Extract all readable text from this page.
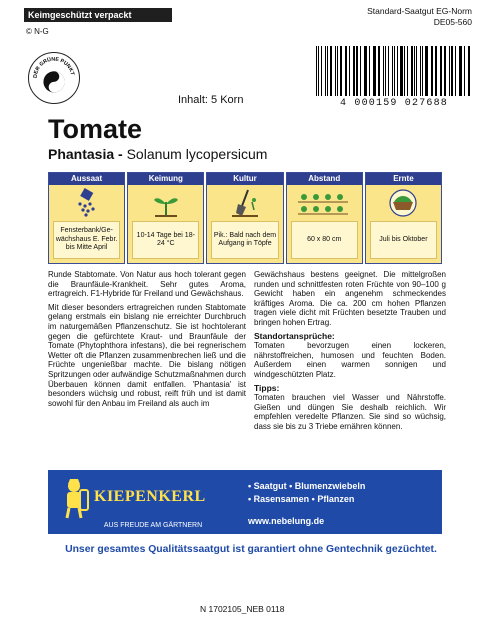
Keimgeschützt verpackt
© N-G
DER GRÜNE PUNKT
Standard-Saatgut EG-Norm
DE05-560
4 000159 027688
Inhalt: 5 Korn
Tomate
Phantasia - Solanum lycopersicum
Aussaat
Fensterbank/Ge-wächshaus E. Febr. bis Mitte April
Keimung
10-14 Tage bei 18-24 °C
Kultur
Pik.: Bald nach dem Aufgang in Töpfe
Abstand
60 x 80 cm
Ernte
Juli bis Oktober

Runde Stabtomate. Von Natur aus hoch tolerant gegen die Braunfäule-Krankheit. Sehr gutes Aroma, ertragreich. F1-Hybride für Freiland und Gewächshaus.

Mit dieser besonders ertragreichen runden Stabtomate gelang erstmals ein bislang nie erreichter Durchbruch im naturgemäßen Pflanzenschutz. Sie ist hochtolerant gegen die gefürchtete Kraut- und Braunfäule der Tomate (Phytophthora infestans), die bei regnerischem Wetter oft die Pflanzen zusammenbrechen ließ und die Früchte ungenießbar machte. Die bislang nötigen Spritzungen oder aufwändige Schutzmaßnahmen durch Überbauen können damit entfallen. 'Phantasia' ist besonders wüchsig und robust, reift früh und ist damit sowohl für den Anbau im Freiland als auch im

Gewächshaus bestens geeignet. Die mittelgroßen runden und schnittfesten roten Früchte von 90–100 g Gewicht haben ein angenehm schmeckendes kräftiges Aroma. Die ca. 200 cm hohen Pflanzen tragen viele dicht mit Früchten besetzte Trauben und bringen hohen Ertrag.

Standortansprüche:

Tomaten bevorzugen einen lockeren, nährstoffreichen, humosen und feuchten Boden. Außerdem einen warmen sonnigen und windgeschützten Platz.

Tipps:

Tomaten brauchen viel Wasser und Nährstoffe. Gießen und düngen Sie deshalb reichlich. Wir empfehlen veredelte Pflanzen. Sie sind so wüchsig, dass sie bis zu 3 Triebe ernähren können.

KIEPENKERL
AUS FREUDE AM GÄRTNERN
• Saatgut • Blumenzwiebeln
• Rasensamen • Pflanzen
www.nebelung.de
Unser gesamtes Qualitätssaatgut ist garantiert ohne Gentechnik gezüchtet.
N 1702105_NEB 0118
